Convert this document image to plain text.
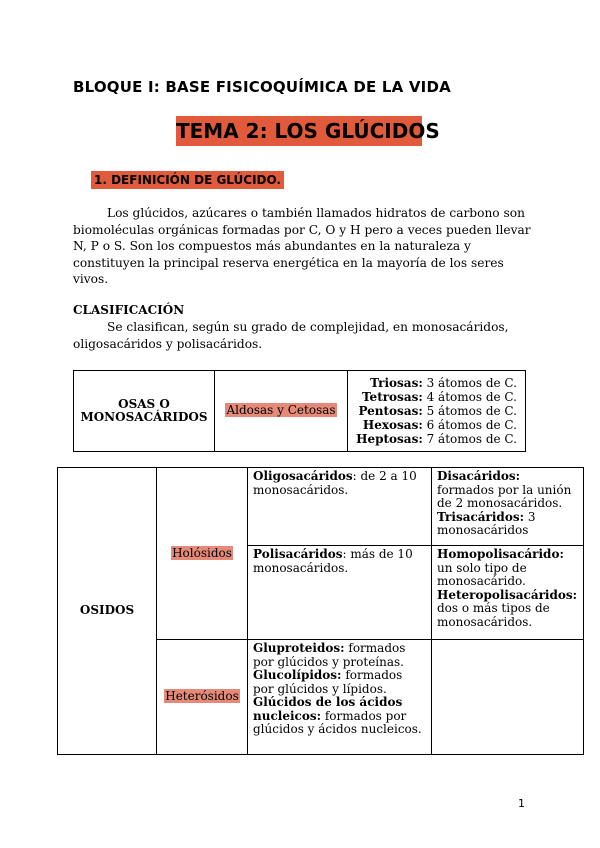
BLOQUE I: BASE FISICOQUÍMICA DE LA VIDA
TEMA 2: LOS GLÚCIDOS
1. DEFINICIÓN DE GLÚCIDO.

Los glúcidos, azúcares o también llamados hidratos de carbono son biomoléculas orgánicas formadas por C, O y H pero a veces pueden llevar N, P o S. Son los compuestos más abundantes en la naturaleza y constituyen la principal reserva energética en la mayoría de los seres vivos.

CLASIFICACIÓN

Se clasifican, según su grado de complejidad, en monosacáridos, oligosacáridos y polisacáridos.

OSAS O
MONOSACÁRIDOS	Aldosas y Cetosas	
Triosas: 3 átomos de C.
Tetrosas: 4 átomos de C.
Pentosas: 5 átomos de C.
Hexosas: 6 átomos de C.
Heptosas: 7 átomos de C.
OSIDOS	Holósidos	Oligosacáridos: de 2 a 10 monosacáridos.	Disacáridos:
formados por la unión de 2 monosacáridos.
Trisacáridos: 3 monosacáridos
		Polisacáridos: más de 10 monosacáridos.	Homopolisacárido:
un solo tipo de monosacárido.
Heteropolisacáridos:
dos o más tipos de monosacáridos.
	Heterósidos	Gluproteidos: formados por glúcidos y proteínas.
Glucolípidos: formados por glúcidos y lípidos.
Glúcidos de los ácidos nucleicos: formados por glúcidos y ácidos nucleicos.	
1
